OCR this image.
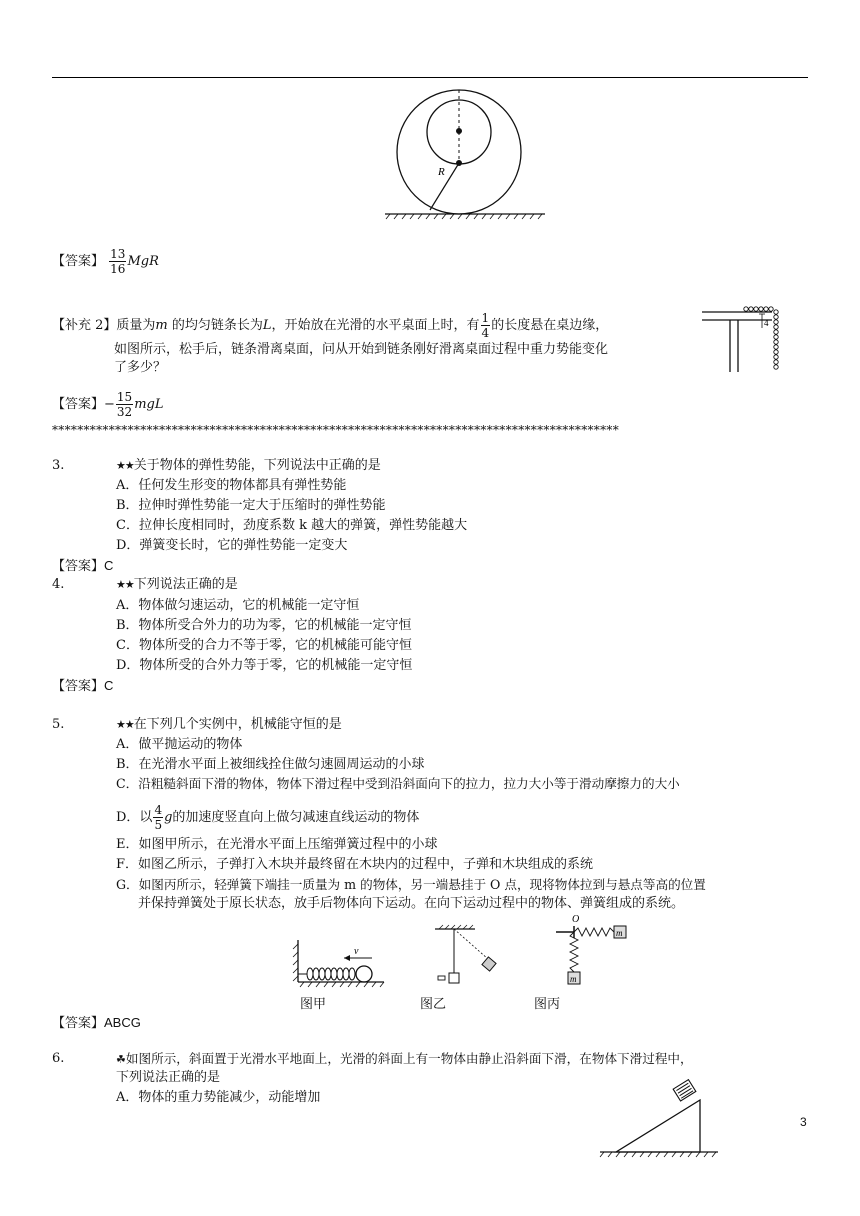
R
【答案】 $\frac{13}{16}$ MgR
【补充 2】质量为m 的均匀链条长为L，开始放在光滑的水平桌面上时，有 $\frac{1}{4}$ 的长度悬在桌边缘，
如图所示，松手后，链条滑离桌面，问从开始到链条刚好滑离桌面过程中重力势能变化
了多少？
4
【答案】− $\frac{15}{32}$ mgL
******************************************************************************************
3.	★★关于物体的弹性势能，下列说法中正确的是
A．任何发生形变的物体都具有弹性势能
B．拉伸时弹性势能一定大于压缩时的弹性势能
C．拉伸长度相同时，劲度系数 k 越大的弹簧，弹性势能越大
D．弹簧变长时，它的弹性势能一定变大
【答案】C
4.	★★下列说法正确的是
A．物体做匀速运动，它的机械能一定守恒
B．物体所受合外力的功为零，它的机械能一定守恒
C．物体所受的合力不等于零，它的机械能可能守恒
D．物体所受的合外力等于零，它的机械能一定守恒
【答案】C
5.	★★在下列几个实例中，机械能守恒的是
A．做平抛运动的物体
B．在光滑水平面上被细线拴住做匀速圆周运动的小球
C．沿粗糙斜面下滑的物体，物体下滑过程中受到沿斜面向下的拉力，拉力大小等于滑动摩擦力的大小
D．以 $\frac{4}{5}$ g的加速度竖直向上做匀减速直线运动的物体
E．如图甲所示，在光滑水平面上压缩弹簧过程中的小球
F．如图乙所示，子弹打入木块并最终留在木块内的过程中，子弹和木块组成的系统
G．如图丙所示，轻弹簧下端挂一质量为 m 的物体，另一端悬挂于 O 点，现将物体拉到与悬点等高的位置
并保持弹簧处于原长状态，放手后物体向下运动。在向下运动过程中的物体、弹簧组成的系统。
v
O
m
m
图甲	图乙	图丙
【答案】ABCG
6.	☘如图所示，斜面置于光滑水平地面上，光滑的斜面上有一物体由静止沿斜面下滑，在物体下滑过程中，
下列说法正确的是
A．物体的重力势能减少，动能增加
3
